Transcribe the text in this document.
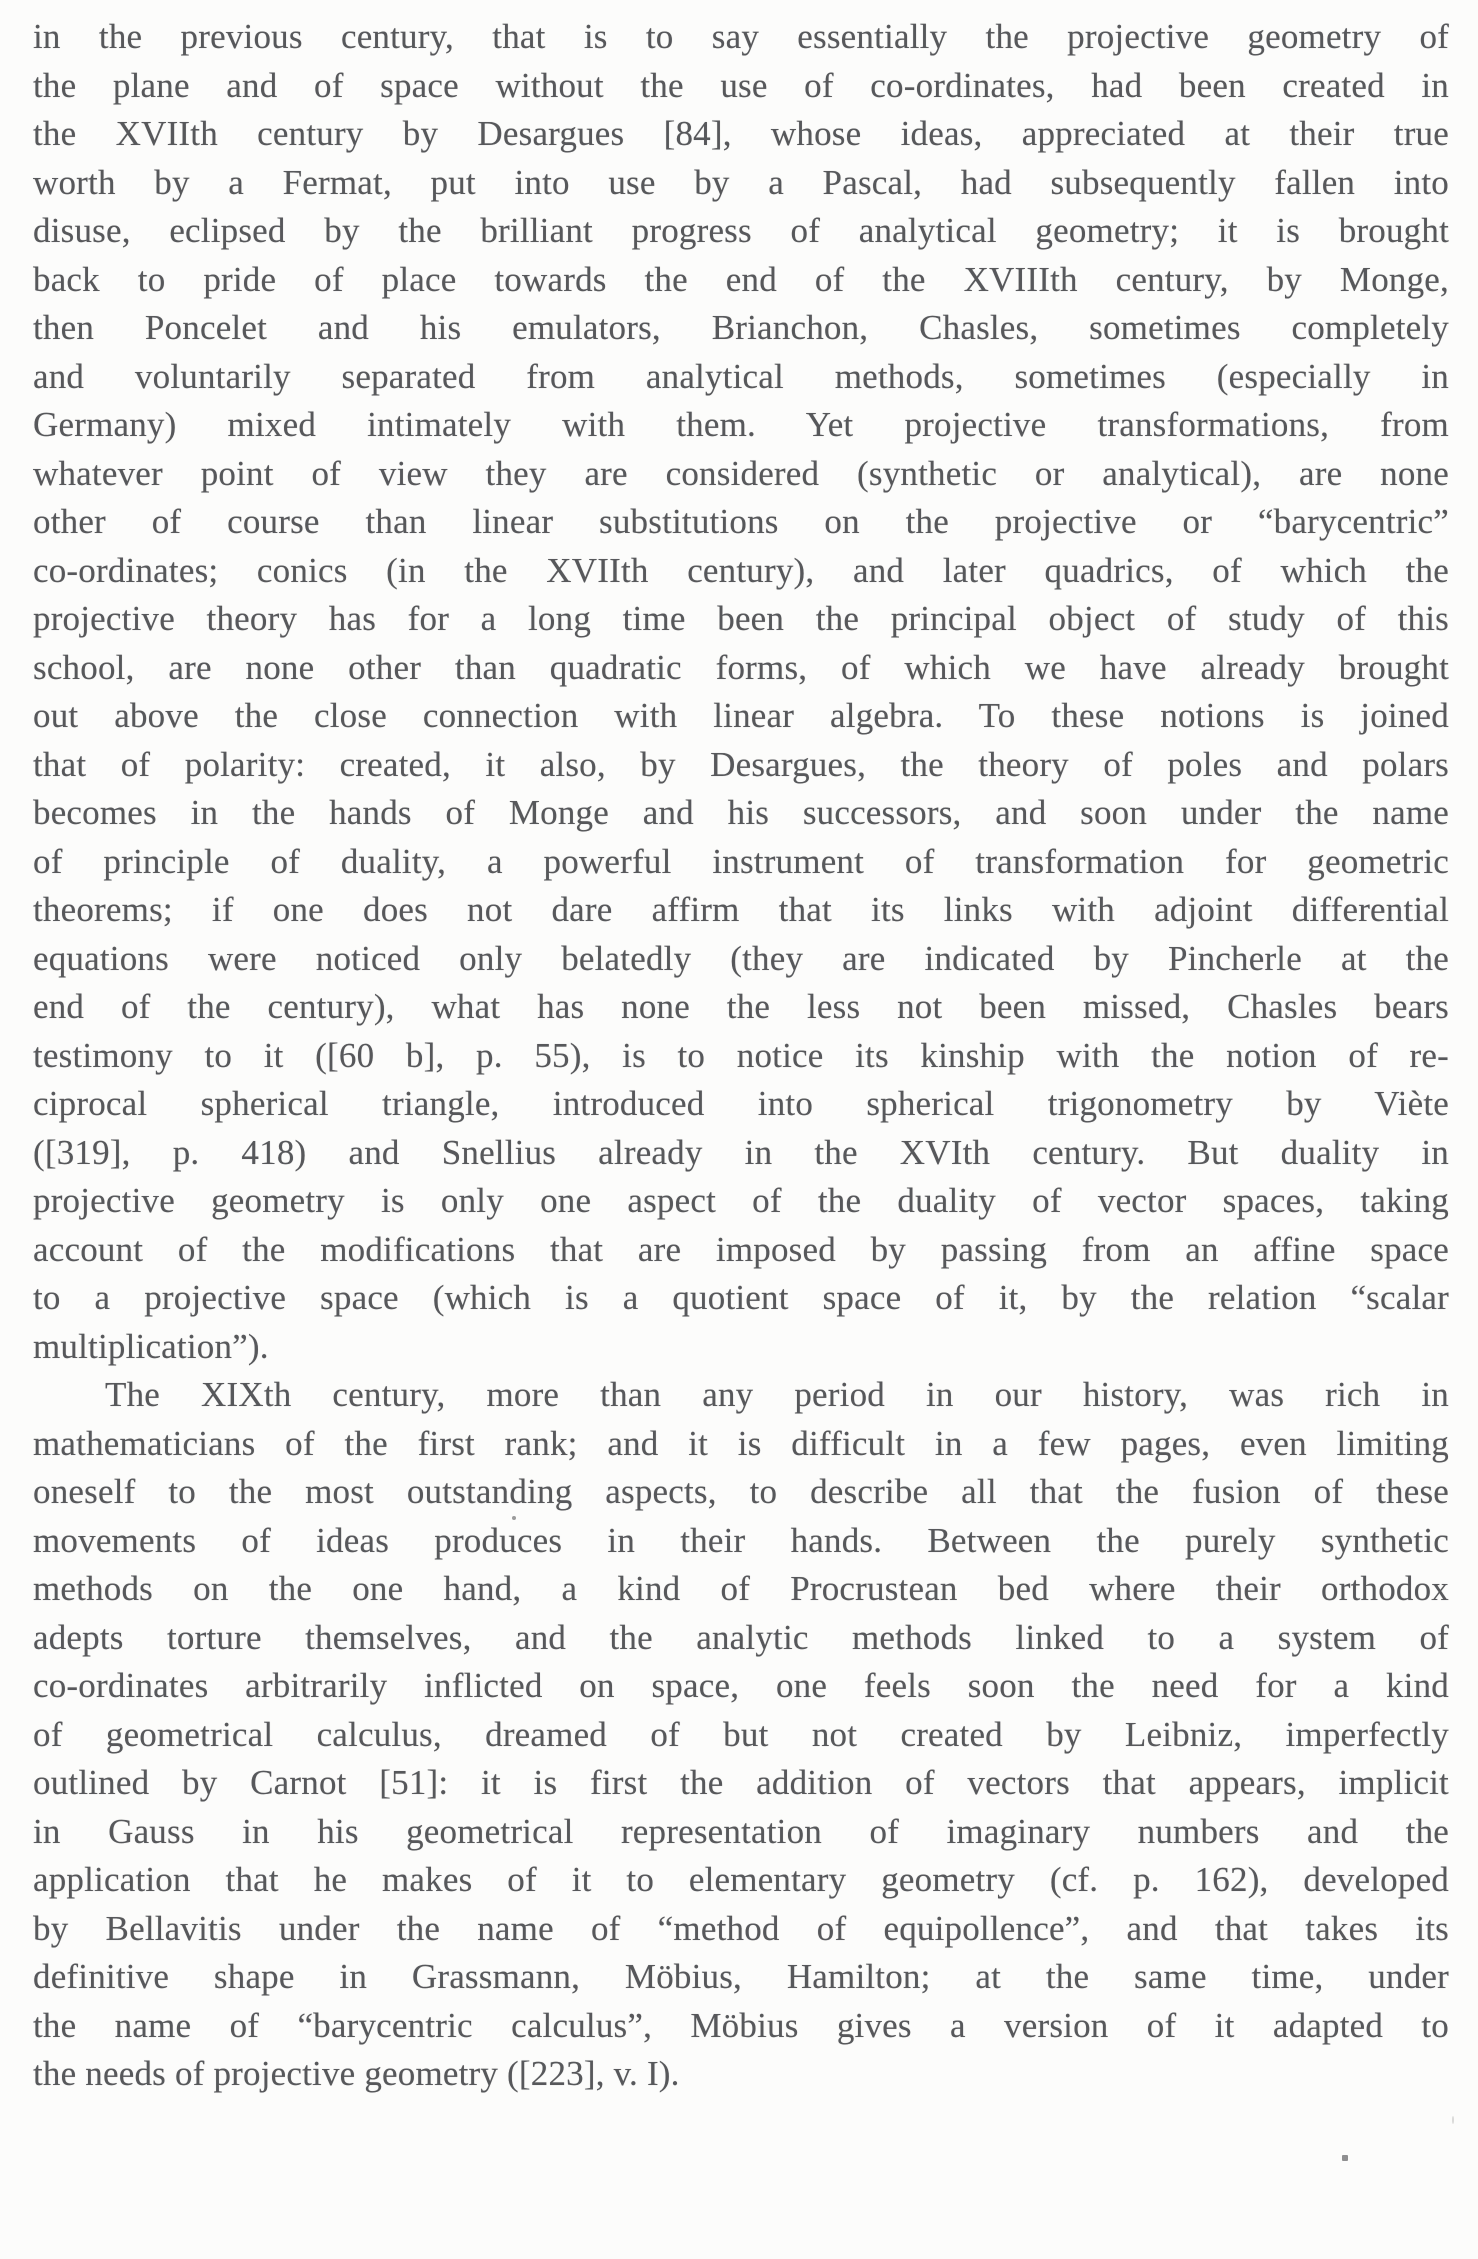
in the previous century, that is to say essentially the projective geometry of
the plane and of space without the use of co-ordinates, had been created in
the XVIIth century by Desargues [84], whose ideas, appreciated at their true
worth by a Fermat, put into use by a Pascal, had subsequently fallen into
disuse, eclipsed by the brilliant progress of analytical geometry; it is brought
back to pride of place towards the end of the XVIIIth century, by Monge,
then Poncelet and his emulators, Brianchon, Chasles, sometimes completely
and voluntarily separated from analytical methods, sometimes (especially in
Germany) mixed intimately with them. Yet projective transformations, from
whatever point of view they are considered (synthetic or analytical), are none
other of course than linear substitutions on the projective or “barycentric”
co-ordinates; conics (in the XVIIth century), and later quadrics, of which the
projective theory has for a long time been the principal object of study of this
school, are none other than quadratic forms, of which we have already brought
out above the close connection with linear algebra. To these notions is joined
that of polarity: created, it also, by Desargues, the theory of poles and polars
becomes in the hands of Monge and his successors, and soon under the name
of principle of duality, a powerful instrument of transformation for geometric
theorems; if one does not dare affirm that its links with adjoint differential
equations were noticed only belatedly (they are indicated by Pincherle at the
end of the century), what has none the less not been missed, Chasles bears
testimony to it ([60 b], p. 55), is to notice its kinship with the notion of re-
ciprocal spherical triangle, introduced into spherical trigonometry by Viète
([319], p. 418) and Snellius already in the XVIth century. But duality in
projective geometry is only one aspect of the duality of vector spaces, taking
account of the modifications that are imposed by passing from an affine space
to a projective space (which is a quotient space of it, by the relation “scalar
multiplication”).
The XIXth century, more than any period in our history, was rich in
mathematicians of the first rank; and it is difficult in a few pages, even limiting
oneself to the most outstanding aspects, to describe all that the fusion of these
movements of ideas produces in their hands. Between the purely synthetic
methods on the one hand, a kind of Procrustean bed where their orthodox
adepts torture themselves, and the analytic methods linked to a system of
co-ordinates arbitrarily inflicted on space, one feels soon the need for a kind
of geometrical calculus, dreamed of but not created by Leibniz, imperfectly
outlined by Carnot [51]: it is first the addition of vectors that appears, implicit
in Gauss in his geometrical representation of imaginary numbers and the
application that he makes of it to elementary geometry (cf. p. 162), developed
by Bellavitis under the name of “method of equipollence”, and that takes its
definitive shape in Grassmann, Möbius, Hamilton; at the same time, under
the name of “barycentric calculus”, Möbius gives a version of it adapted to
the needs of projective geometry ([223], v. I).
